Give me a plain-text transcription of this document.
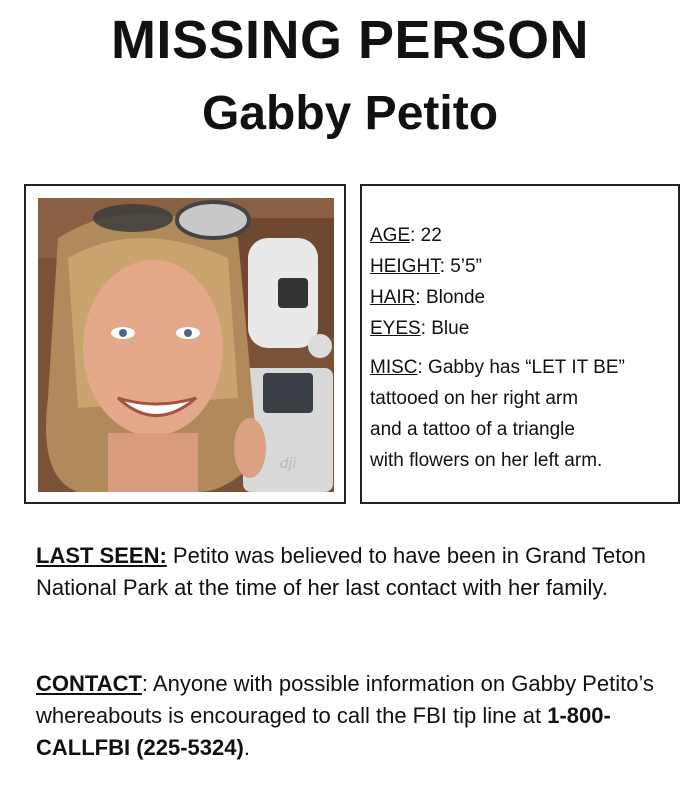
MISSING PERSON
Gabby Petito
dji
AGE: 22
HEIGHT: 5’5”
HAIR: Blonde
EYES: Blue
MISC: Gabby has “LET IT BE”
tattooed on her right arm
and a tattoo of a triangle
with flowers on her left arm.
LAST SEEN: Petito was believed to have been in Grand Teton National Park at the time of her last contact with her family.
CONTACT: Anyone with possible information on Gabby Petito’s whereabouts is encouraged to call the FBI tip line at 1-800-CALLFBI (225-5324).
